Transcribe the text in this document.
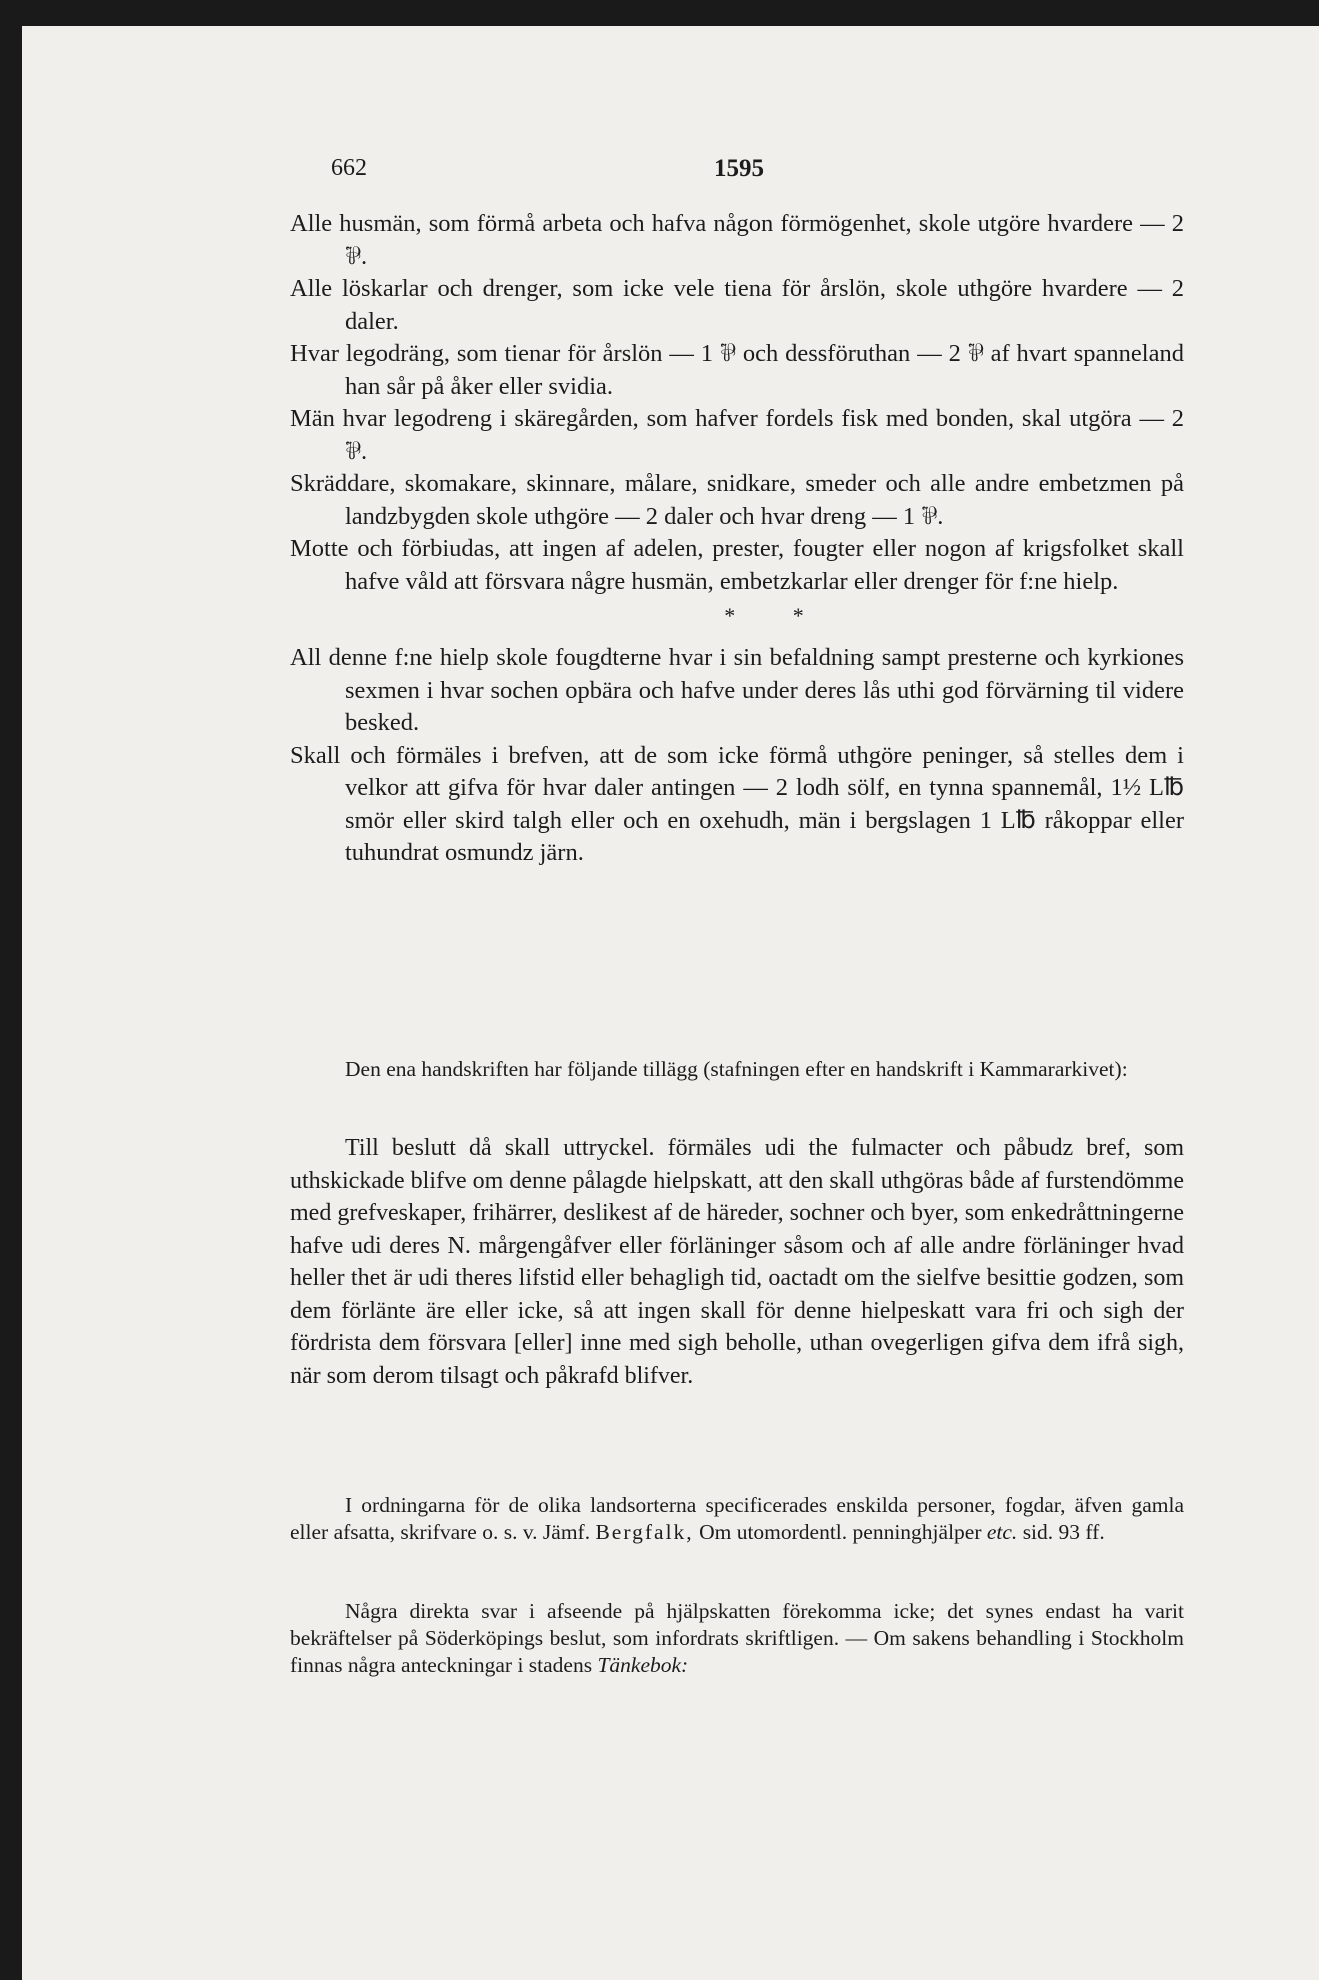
662	1595
Alle husmän, som förmå arbeta och hafva någon förmögenhet, skole utgöre hvardere — 2 ⅌.
Alle löskarlar och drenger, som icke vele tiena för årslön, skole uthgöre hvardere — 2 daler.
Hvar legodräng, som tienar för årslön — 1 ⅌ och dessföruthan — 2 ⅌ af hvart spanneland han sår på åker eller svidia.
Män hvar legodreng i skäregården, som hafver fordels fisk med bonden, skal utgöra — 2 ⅌.
Skräddare, skomakare, skinnare, målare, snidkare, smeder och alle andre embetzmen på landzbygden skole uthgöre — 2 daler och hvar dreng — 1 ⅌.
Motte och förbiudas, att ingen af adelen, prester, fougter eller nogon af krigsfolket skall hafve våld att försvara någre husmän, embetzkarlar eller drenger för f:ne hielp.
* *
All denne f:ne hielp skole fougdterne hvar i sin befaldning sampt presterne och kyrkiones sexmen i hvar sochen opbära och hafve under deres lås uthi god förvärning til videre besked.
Skall och förmäles i brefven, att de som icke förmå uthgöre peninger, så stelles dem i velkor att gifva för hvar daler antingen — 2 lodh sölf, en tynna spannemål, 1½ L℔ smör eller skird talgh eller och en oxehudh, män i bergslagen 1 L℔ råkoppar eller tuhundrat osmundz järn.

Den ena handskriften har följande tillägg (stafningen efter en handskrift i Kammararkivet):

Till beslutt då skall uttryckel. förmäles udi the fulmacter och påbudz bref, som uthskickade blifve om denne pålagde hielpskatt, att den skall uthgöras både af furstendömme med grefveskaper, frihärrer, deslikest af de häreder, sochner och byer, som enkedråttningerne hafve udi deres N. mårgengåfver eller förläninger såsom och af alle andre förläninger hvad heller thet är udi theres lifstid eller behagligh tid, oactadt om the sielfve besittie godzen, som dem förlänte äre eller icke, så att ingen skall för denne hielpeskatt vara fri och sigh der fördrista dem försvara [eller] inne med sigh beholle, uthan ovegerligen gifva dem ifrå sigh, när som derom tilsagt och påkrafd blifver.
I ordningarna för de olika landsorterna specificerades enskilda personer, fogdar, äfven gamla eller afsatta, skrifvare o. s. v. Jämf. Bergfalk, Om utomordentl. penninghjälper etc. sid. 93 ff.
Några direkta svar i afseende på hjälpskatten förekomma icke; det synes endast ha varit bekräftelser på Söderköpings beslut, som infordrats skriftligen. — Om sakens behandling i Stockholm finnas några anteckningar i stadens Tänkebok:
